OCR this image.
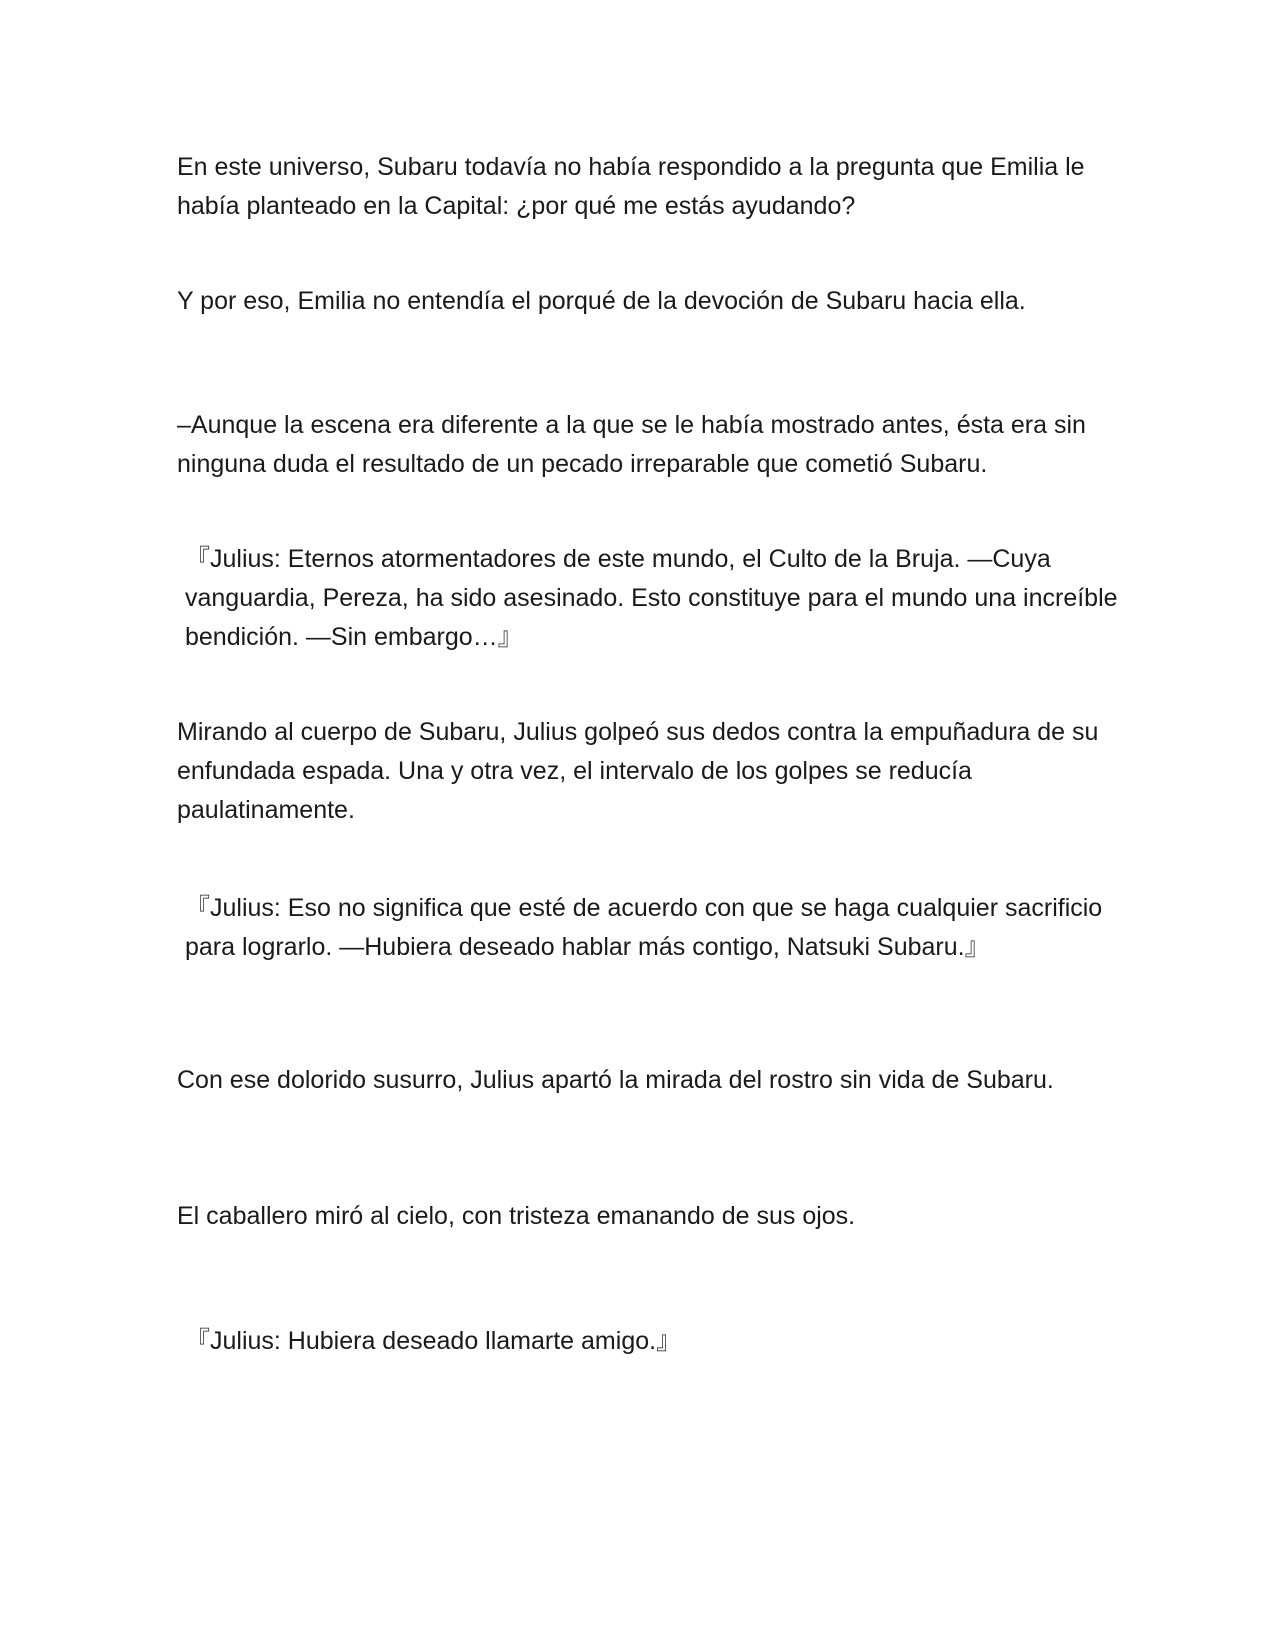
En este universo, Subaru todavía no había respondido a la pregunta que Emilia le había planteado en la Capital: ¿por qué me estás ayudando?

Y por eso, Emilia no entendía el porqué de la devoción de Subaru hacia ella.

–Aunque la escena era diferente a la que se le había mostrado antes, ésta era sin ninguna duda el resultado de un pecado irreparable que cometió Subaru.

『Julius: Eternos atormentadores de este mundo, el Culto de la Bruja. —Cuya vanguardia, Pereza, ha sido asesinado. Esto constituye para el mundo una increíble bendición. —Sin embargo…』

Mirando al cuerpo de Subaru, Julius golpeó sus dedos contra la empuñadura de su enfundada espada. Una y otra vez, el intervalo de los golpes se reducía paulatinamente.

『Julius: Eso no significa que esté de acuerdo con que se haga cualquier sacrificio para lograrlo. —Hubiera deseado hablar más contigo, Natsuki Subaru.』

Con ese dolorido susurro, Julius apartó la mirada del rostro sin vida de Subaru.

El caballero miró al cielo, con tristeza emanando de sus ojos.

『Julius: Hubiera deseado llamarte amigo.』
